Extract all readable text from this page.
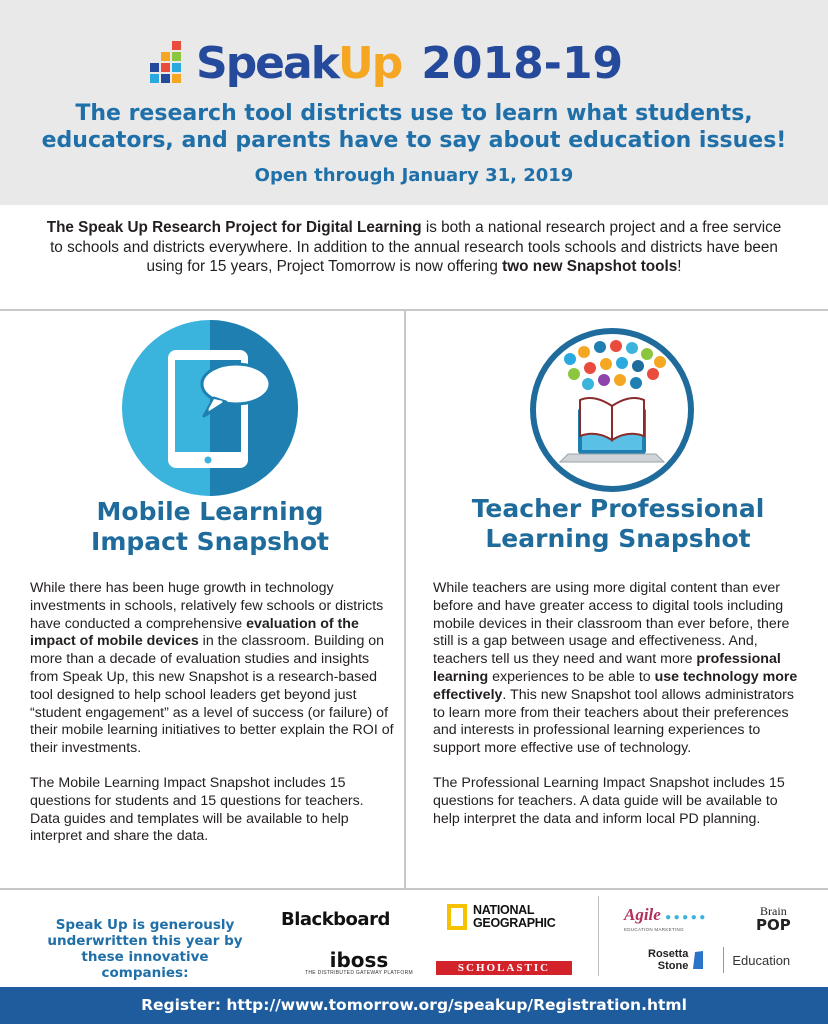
SpeakUp 2018-19
The research tool districts use to learn what students,
educators, and parents have to say about education issues!
Open through January 31, 2019
The Speak Up Research Project for Digital Learning is both a national research project and a free service to schools and districts everywhere. In addition to the annual research tools schools and districts have been using for 15 years, Project Tomorrow is now offering two new Snapshot tools!
Mobile Learning
Impact Snapshot
Teacher Professional
Learning Snapshot

While there has been huge growth in technology investments in schools, relatively few schools or districts have conducted a comprehensive evaluation of the impact of mobile devices in the classroom. Building on more than a decade of evaluation studies and insights from Speak Up, this new Snapshot is a research-based tool designed to help school leaders get beyond just “student engagement” as a level of success (or failure) of their mobile learning initiatives to better explain the ROI of their investments.

The Mobile Learning Impact Snapshot includes 15 questions for students and 15 questions for teachers. Data guides and templates will be available to help interpret and share the data.

While teachers are using more digital content than ever before and have greater access to digital tools including mobile devices in their classroom than ever before, there still is a gap between usage and effectiveness. And, teachers tell us they need and want more professional learning experiences to be able to use technology more effectively. This new Snapshot tool allows administrators to learn more from their teachers about their preferences and interests in professional learning experiences to support more effective use of technology.

The Professional Learning Impact Snapshot includes 15 questions for teachers. A data guide will be available to help interpret the data and inform local PD planning.

Speak Up is generously underwritten this year by these innovative companies:
Blackboard	NATIONAL
GEOGRAPHIC
iboss
THE DISTRIBUTED GATEWAY PLATFORM	SCHOLASTIC
Agile ● ● ● ● ●
EDUCATION MARKETING
Brain
POP
Rosetta
Stone	Education
Register: http://www.tomorrow.org/speakup/Registration.html
